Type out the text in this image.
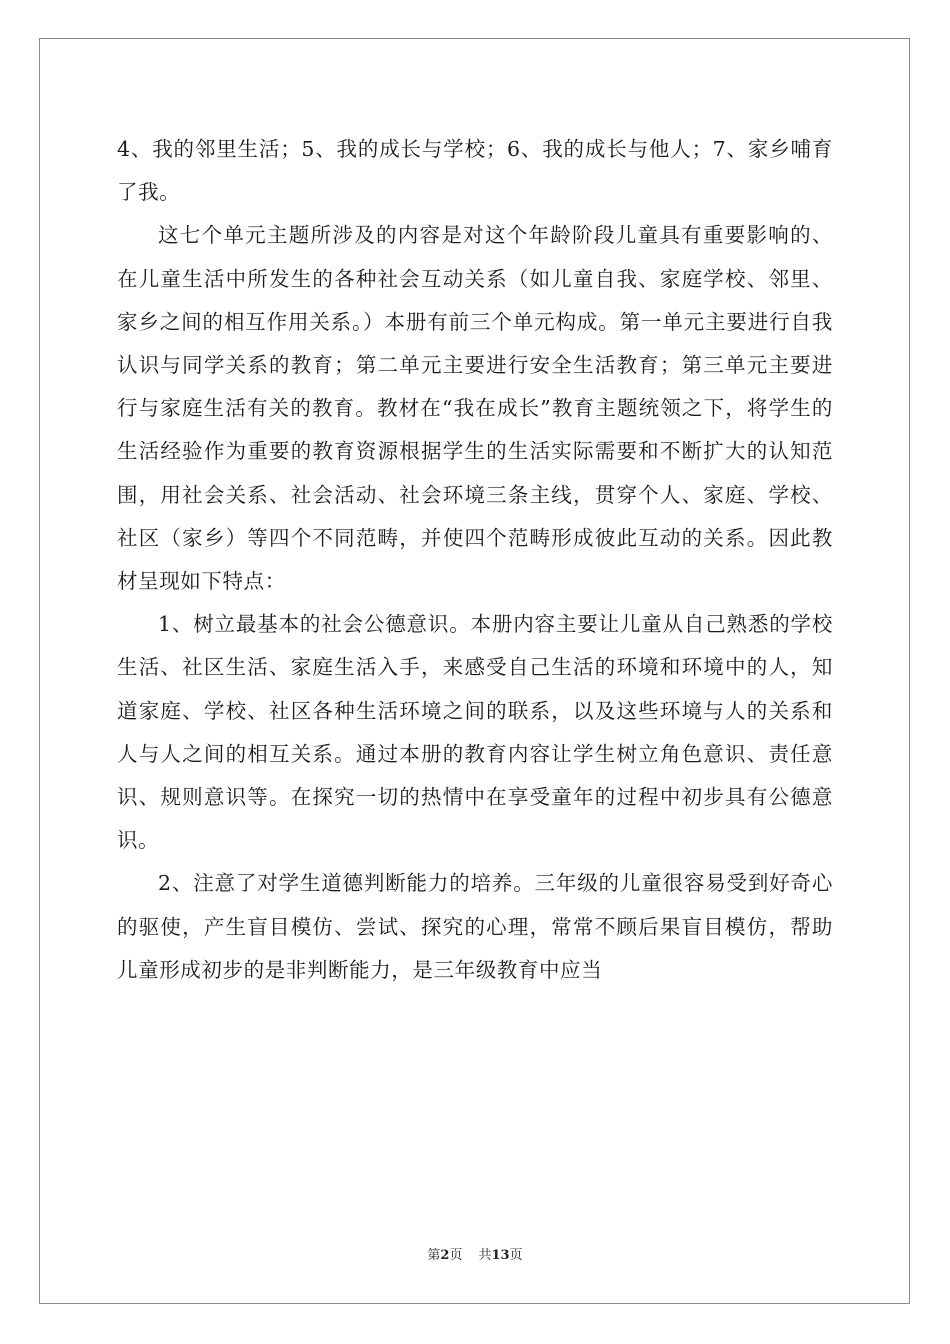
4、我的邻里生活；5、我的成长与学校；6、我的成长与他人；7、家乡哺育了我。

这七个单元主题所涉及的内容是对这个年龄阶段儿童具有重要影响的、在儿童生活中所发生的各种社会互动关系（如儿童自我、家庭学校、邻里、家乡之间的相互作用关系。）本册有前三个单元构成。第一单元主要进行自我认识与同学关系的教育；第二单元主要进行安全生活教育；第三单元主要进行与家庭生活有关的教育。教材在“我在成长”教育主题统领之下，将学生的生活经验作为重要的教育资源根据学生的生活实际需要和不断扩大的认知范围，用社会关系、社会活动、社会环境三条主线，贯穿个人、家庭、学校、社区（家乡）等四个不同范畴，并使四个范畴形成彼此互动的关系。因此教材呈现如下特点：

1、树立最基本的社会公德意识。本册内容主要让儿童从自己熟悉的学校生活、社区生活、家庭生活入手，来感受自己生活的环境和环境中的人，知道家庭、学校、社区各种生活环境之间的联系，以及这些环境与人的关系和人与人之间的相互关系。通过本册的教育内容让学生树立角色意识、责任意识、规则意识等。在探究一切的热情中在享受童年的过程中初步具有公德意识。

2、注意了对学生道德判断能力的培养。三年级的儿童很容易受到好奇心的驱使，产生盲目模仿、尝试、探究的心理，常常不顾后果盲目模仿，帮助儿童形成初步的是非判断能力，是三年级教育中应当

第2页 共13页
